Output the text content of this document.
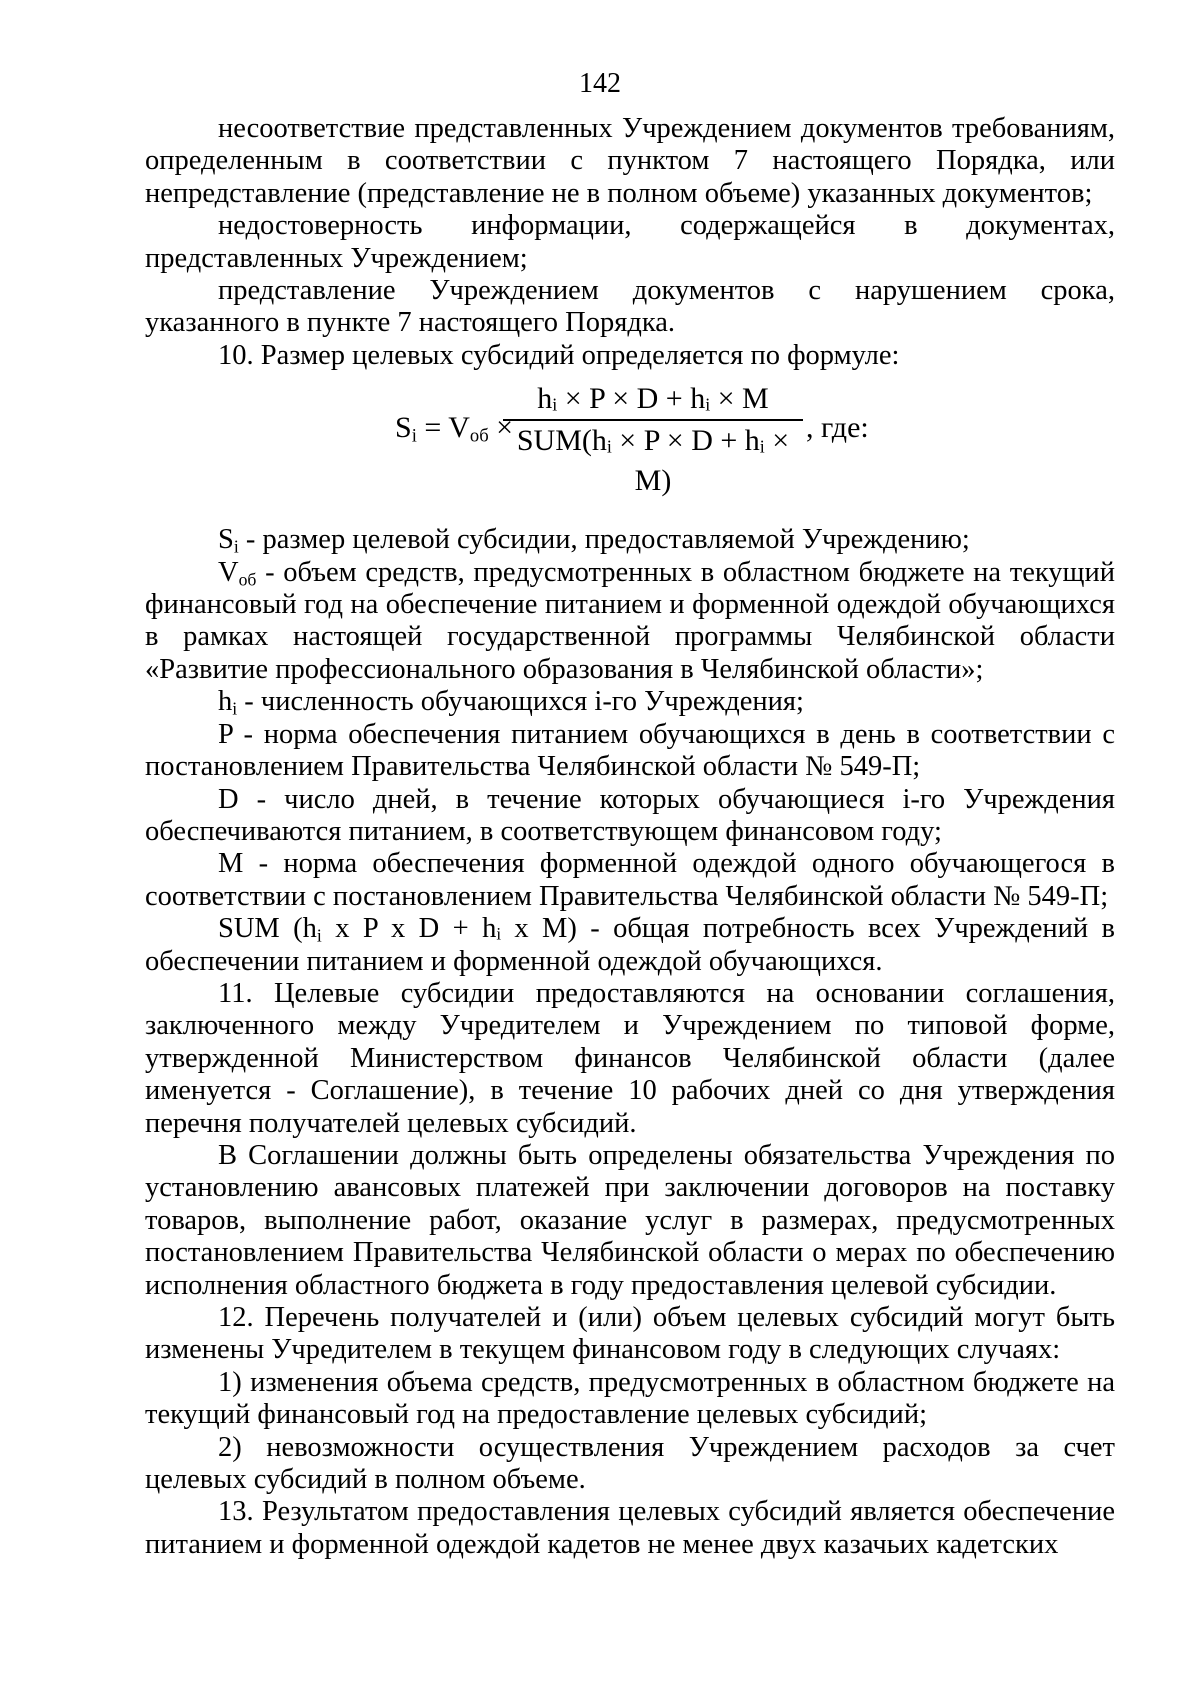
142

несоответствие представленных Учреждением документов требованиям, определенным в соответствии с пунктом 7 настоящего Порядка, или непредставление (представление не в полном объеме) указанных документов;

недостоверность информации, содержащейся в документах, представленных Учреждением;

представление Учреждением документов с нарушением срока, указанного в пункте 7 настоящего Порядка.

10. Размер целевых субсидий определяется по формуле:

$S_i = V_{об}$ ×
hᵢ × P × D + hᵢ × M
SUM(hᵢ × P × D + hᵢ × M)
, где:

$S_i$ - размер целевой субсидии, предоставляемой Учреждению;

$V_{об}$ - объем средств, предусмотренных в областном бюджете на текущий финансовый год на обеспечение питанием и форменной одеждой обучающихся в рамках настоящей государственной программы Челябинской области «Развитие профессионального образования в Челябинской области»;

$h_i$ - численность обучающихся i-го Учреждения;

P - норма обеспечения питанием обучающихся в день в соответствии с постановлением Правительства Челябинской области № 549-П;

D - число дней, в течение которых обучающиеся i-го Учреждения обеспечиваются питанием, в соответствующем финансовом году;

М - норма обеспечения форменной одеждой одного обучающегося в соответствии с постановлением Правительства Челябинской области № 549-П;

SUM ($h_i$ x P x D + hᵢ x M) - общая потребность всех Учреждений в обеспечении питанием и форменной одеждой обучающихся.

11. Целевые субсидии предоставляются на основании соглашения, заключенного между Учредителем и Учреждением по типовой форме, утвержденной Министерством финансов Челябинской области (далее именуется - Соглашение), в течение 10 рабочих дней со дня утверждения перечня получателей целевых субсидий.

В Соглашении должны быть определены обязательства Учреждения по установлению авансовых платежей при заключении договоров на поставку товаров, выполнение работ, оказание услуг в размерах, предусмотренных постановлением Правительства Челябинской области о мерах по обеспечению исполнения областного бюджета в году предоставления целевой субсидии.

12. Перечень получателей и (или) объем целевых субсидий могут быть изменены Учредителем в текущем финансовом году в следующих случаях:

1) изменения объема средств, предусмотренных в областном бюджете на текущий финансовый год на предоставление целевых субсидий;

2) невозможности осуществления Учреждением расходов за счет целевых субсидий в полном объеме.

13. Результатом предоставления целевых субсидий является обеспечение питанием и форменной одеждой кадетов не менее двух казачьих кадетских
